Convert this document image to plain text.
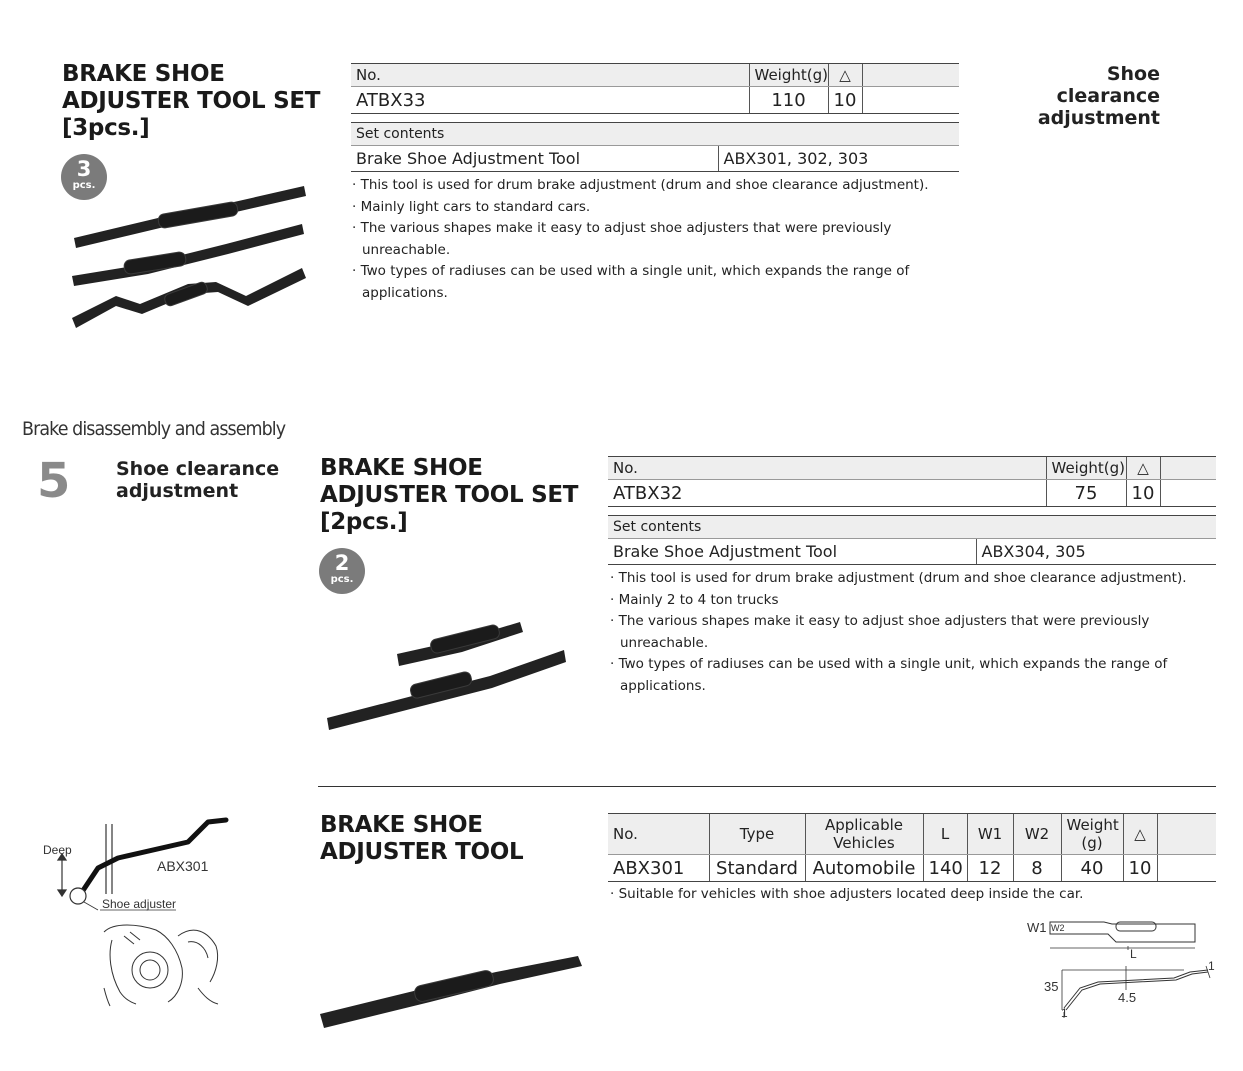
BRAKE SHOE
ADJUSTER TOOL SET
[3pcs.]
3
pcs.
No.	Weight(g)	△	
ATBX33	110	10	
Set contents
Brake Shoe Adjustment Tool	ABX301, 302, 303
· This tool is used for drum brake adjustment (drum and shoe clearance adjustment).
· Mainly light cars to standard cars.
· The various shapes make it easy to adjust shoe adjusters that were previously unreachable.
· Two types of radiuses can be used with a single unit, which expands the range of applications.
Shoe clearance adjustment
Brake disassembly and assembly
5 Shoe clearance adjustment
BRAKE SHOE
ADJUSTER TOOL SET
[2pcs.]
2
pcs.
No.	Weight(g)	△	
ATBX32	75	10	
Set contents
Brake Shoe Adjustment Tool	ABX304, 305
· This tool is used for drum brake adjustment (drum and shoe clearance adjustment).
· Mainly 2 to 4 ton trucks
· The various shapes make it easy to adjust shoe adjusters that were previously unreachable.
· Two types of radiuses can be used with a single unit, which expands the range of applications.
BRAKE SHOE
ADJUSTER TOOL
No.	Type	Applicable Vehicles	L	W1	W2	Weight (g)	△	
ABX301	Standard	Automobile	140	12	8	40	10	
· Suitable for vehicles with shoe adjusters located deep inside the car.
Deep
ABX301
Shoe adjuster
W1 W2
L
35
4.5
1
1
